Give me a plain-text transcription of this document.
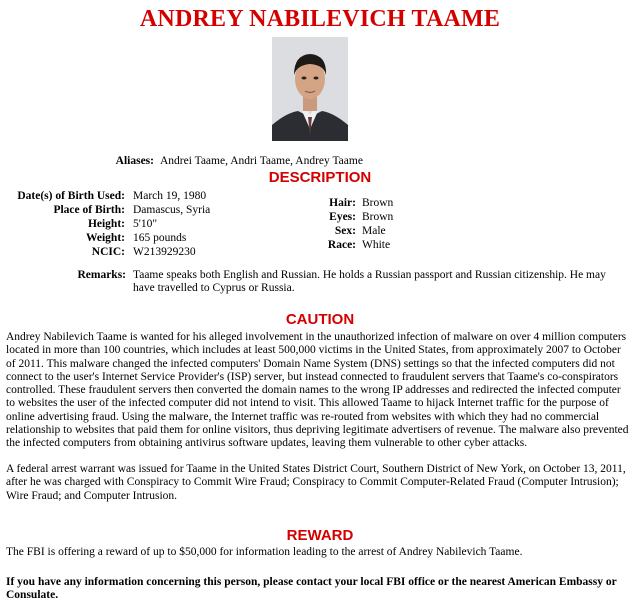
ANDREY NABILEVICH TAAME
Aliases: Andrei Taame, Andri Taame, Andrey Taame
DESCRIPTION
Date(s) of Birth Used: March 19, 1980
Place of Birth: Damascus, Syria
Height: 5'10"
Weight: 165 pounds
NCIC: W213929230
Hair: Brown
Eyes: Brown
Sex: Male
Race: White
Remarks: Taame speaks both English and Russian. He holds a Russian passport and Russian citizenship. He may
have travelled to Cyprus or Russia.
CAUTION
Andrey Nabilevich Taame is wanted for his alleged involvement in the unauthorized infection of malware on over 4 million computers
located in more than 100 countries, which includes at least 500,000 victims in the United States, from approximately 2007 to October
of 2011. This malware changed the infected computers' Domain Name System (DNS) settings so that the infected computers did not
connect to the user's Internet Service Provider's (ISP) server, but instead connected to fraudulent servers that Taame's co-conspirators
controlled. These fraudulent servers then converted the domain names to the wrong IP addresses and redirected the infected computer
to websites the user of the infected computer did not intend to visit. This allowed Taame to hijack Internet traffic for the purpose of
online advertising fraud. Using the malware, the Internet traffic was re-routed from websites with which they had no commercial
relationship to websites that paid them for online visitors, thus depriving legitimate advertisers of revenue. The malware also prevented
the infected computers from obtaining antivirus software updates, leaving them vulnerable to other cyber attacks.
A federal arrest warrant was issued for Taame in the United States District Court, Southern District of New York, on October 13, 2011,
after he was charged with Conspiracy to Commit Wire Fraud; Conspiracy to Commit Computer-Related Fraud (Computer Intrusion);
Wire Fraud; and Computer Intrusion.
REWARD
The FBI is offering a reward of up to $50,000 for information leading to the arrest of Andrey Nabilevich Taame.
If you have any information concerning this person, please contact your local FBI office or the nearest American Embassy or
Consulate.
